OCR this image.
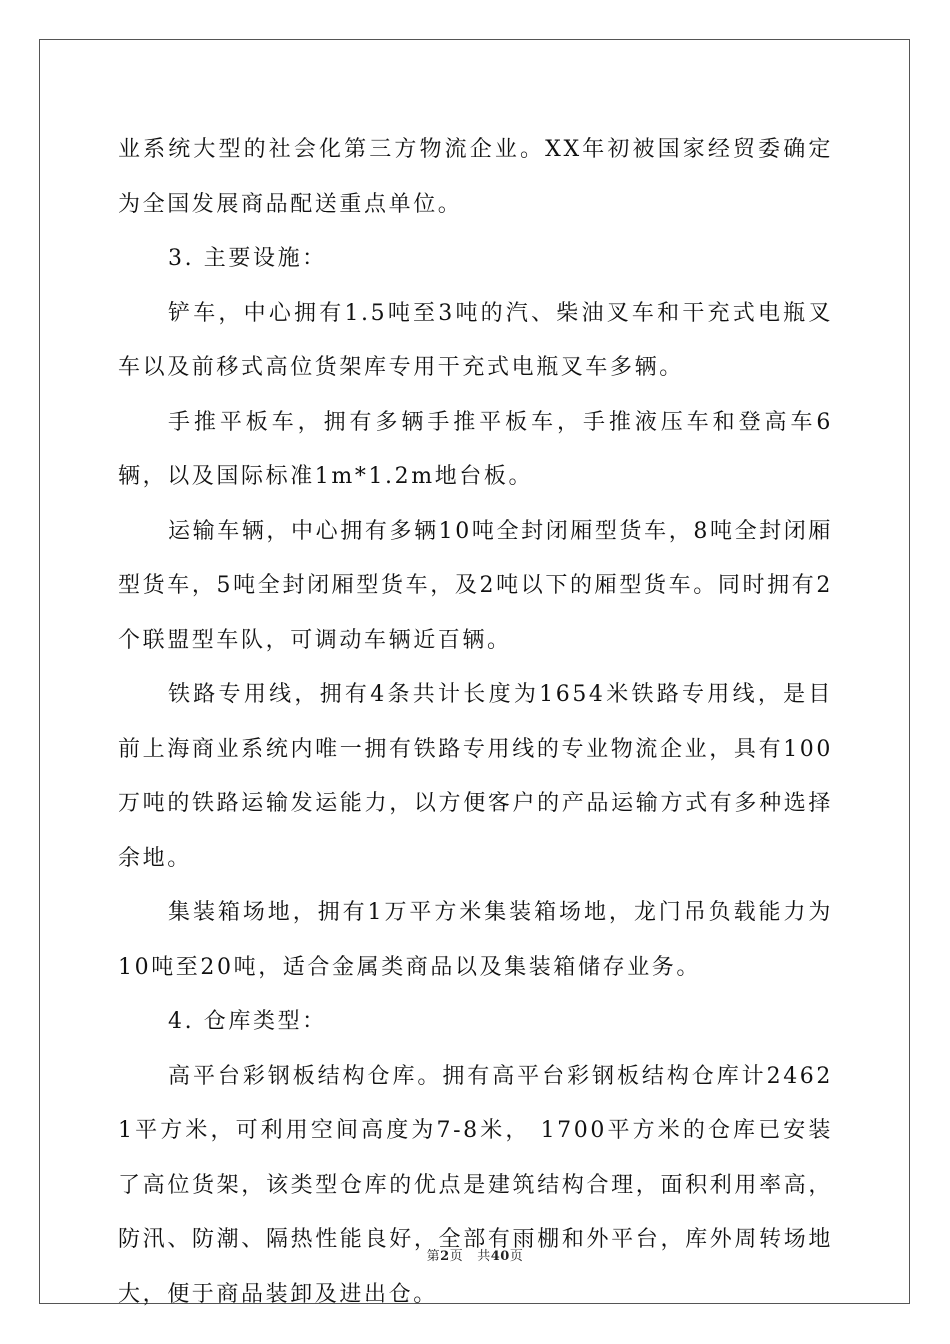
业系统大型的社会化第三方物流企业。XX年初被国家经贸委确定为全国发展商品配送重点单位。

3. 主要设施：

铲车，中心拥有1.5吨至3吨的汽、柴油叉车和干充式电瓶叉车以及前移式高位货架库专用干充式电瓶叉车多辆。

手推平板车，拥有多辆手推平板车，手推液压车和登高车6辆，以及国际标准1m*1.2m地台板。

运输车辆，中心拥有多辆10吨全封闭厢型货车，8吨全封闭厢型货车，5吨全封闭厢型货车，及2吨以下的厢型货车。同时拥有2个联盟型车队，可调动车辆近百辆。

铁路专用线，拥有4条共计长度为1654米铁路专用线，是目前上海商业系统内唯一拥有铁路专用线的专业物流企业，具有100万吨的铁路运输发运能力，以方便客户的产品运输方式有多种选择余地。

集装箱场地，拥有1万平方米集装箱场地，龙门吊负载能力为10吨至20吨，适合金属类商品以及集装箱储存业务。

4. 仓库类型：

高平台彩钢板结构仓库。拥有高平台彩钢板结构仓库计24621平方米，可利用空间高度为7-8米， 1700平方米的仓库已安装了高位货架，该类型仓库的优点是建筑结构合理，面积利用率高，防汛、防潮、隔热性能良好，全部有雨棚和外平台，库外周转场地大，便于商品装卸及进出仓。

第2页 共40页
